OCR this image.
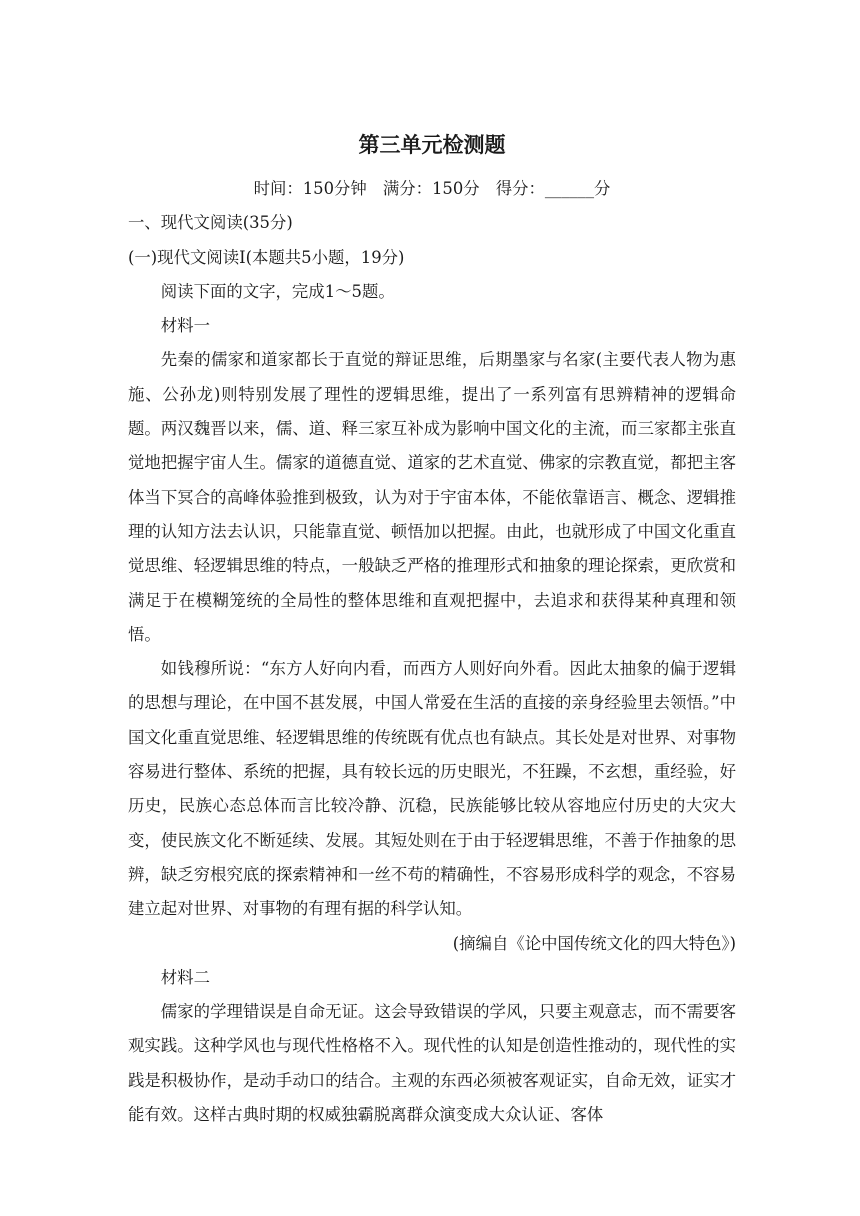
第三单元检测题

时间：150分钟 满分：150分 得分：______分

一、现代文阅读(35分)

(一)现代文阅读Ⅰ(本题共5小题，19分)

阅读下面的文字，完成1～5题。

材料一

先秦的儒家和道家都长于直觉的辩证思维，后期墨家与名家(主要代表人物为惠施、公孙龙)则特别发展了理性的逻辑思维，提出了一系列富有思辨精神的逻辑命题。两汉魏晋以来，儒、道、释三家互补成为影响中国文化的主流，而三家都主张直觉地把握宇宙人生。儒家的道德直觉、道家的艺术直觉、佛家的宗教直觉，都把主客体当下冥合的高峰体验推到极致，认为对于宇宙本体，不能依靠语言、概念、逻辑推理的认知方法去认识，只能靠直觉、顿悟加以把握。由此，也就形成了中国文化重直觉思维、轻逻辑思维的特点，一般缺乏严格的推理形式和抽象的理论探索，更欣赏和满足于在模糊笼统的全局性的整体思维和直观把握中，去追求和获得某种真理和领悟。

如钱穆所说：“东方人好向内看，而西方人则好向外看。因此太抽象的偏于逻辑的思想与理论，在中国不甚发展，中国人常爱在生活的直接的亲身经验里去领悟。”中国文化重直觉思维、轻逻辑思维的传统既有优点也有缺点。其长处是对世界、对事物容易进行整体、系统的把握，具有较长远的历史眼光，不狂躁，不玄想，重经验，好历史，民族心态总体而言比较冷静、沉稳，民族能够比较从容地应付历史的大灾大变，使民族文化不断延续、发展。其短处则在于由于轻逻辑思维，不善于作抽象的思辨，缺乏穷根究底的探索精神和一丝不苟的精确性，不容易形成科学的观念，不容易建立起对世界、对事物的有理有据的科学认知。

(摘编自《论中国传统文化的四大特色》)

材料二

儒家的学理错误是自命无证。这会导致错误的学风，只要主观意志，而不需要客观实践。这种学风也与现代性格格不入。现代性的认知是创造性推动的，现代性的实践是积极协作，是动手动口的结合。主观的东西必须被客观证实，自命无效，证实才能有效。这样古典时期的权威独霸脱离群众演变成大众认证、客体
